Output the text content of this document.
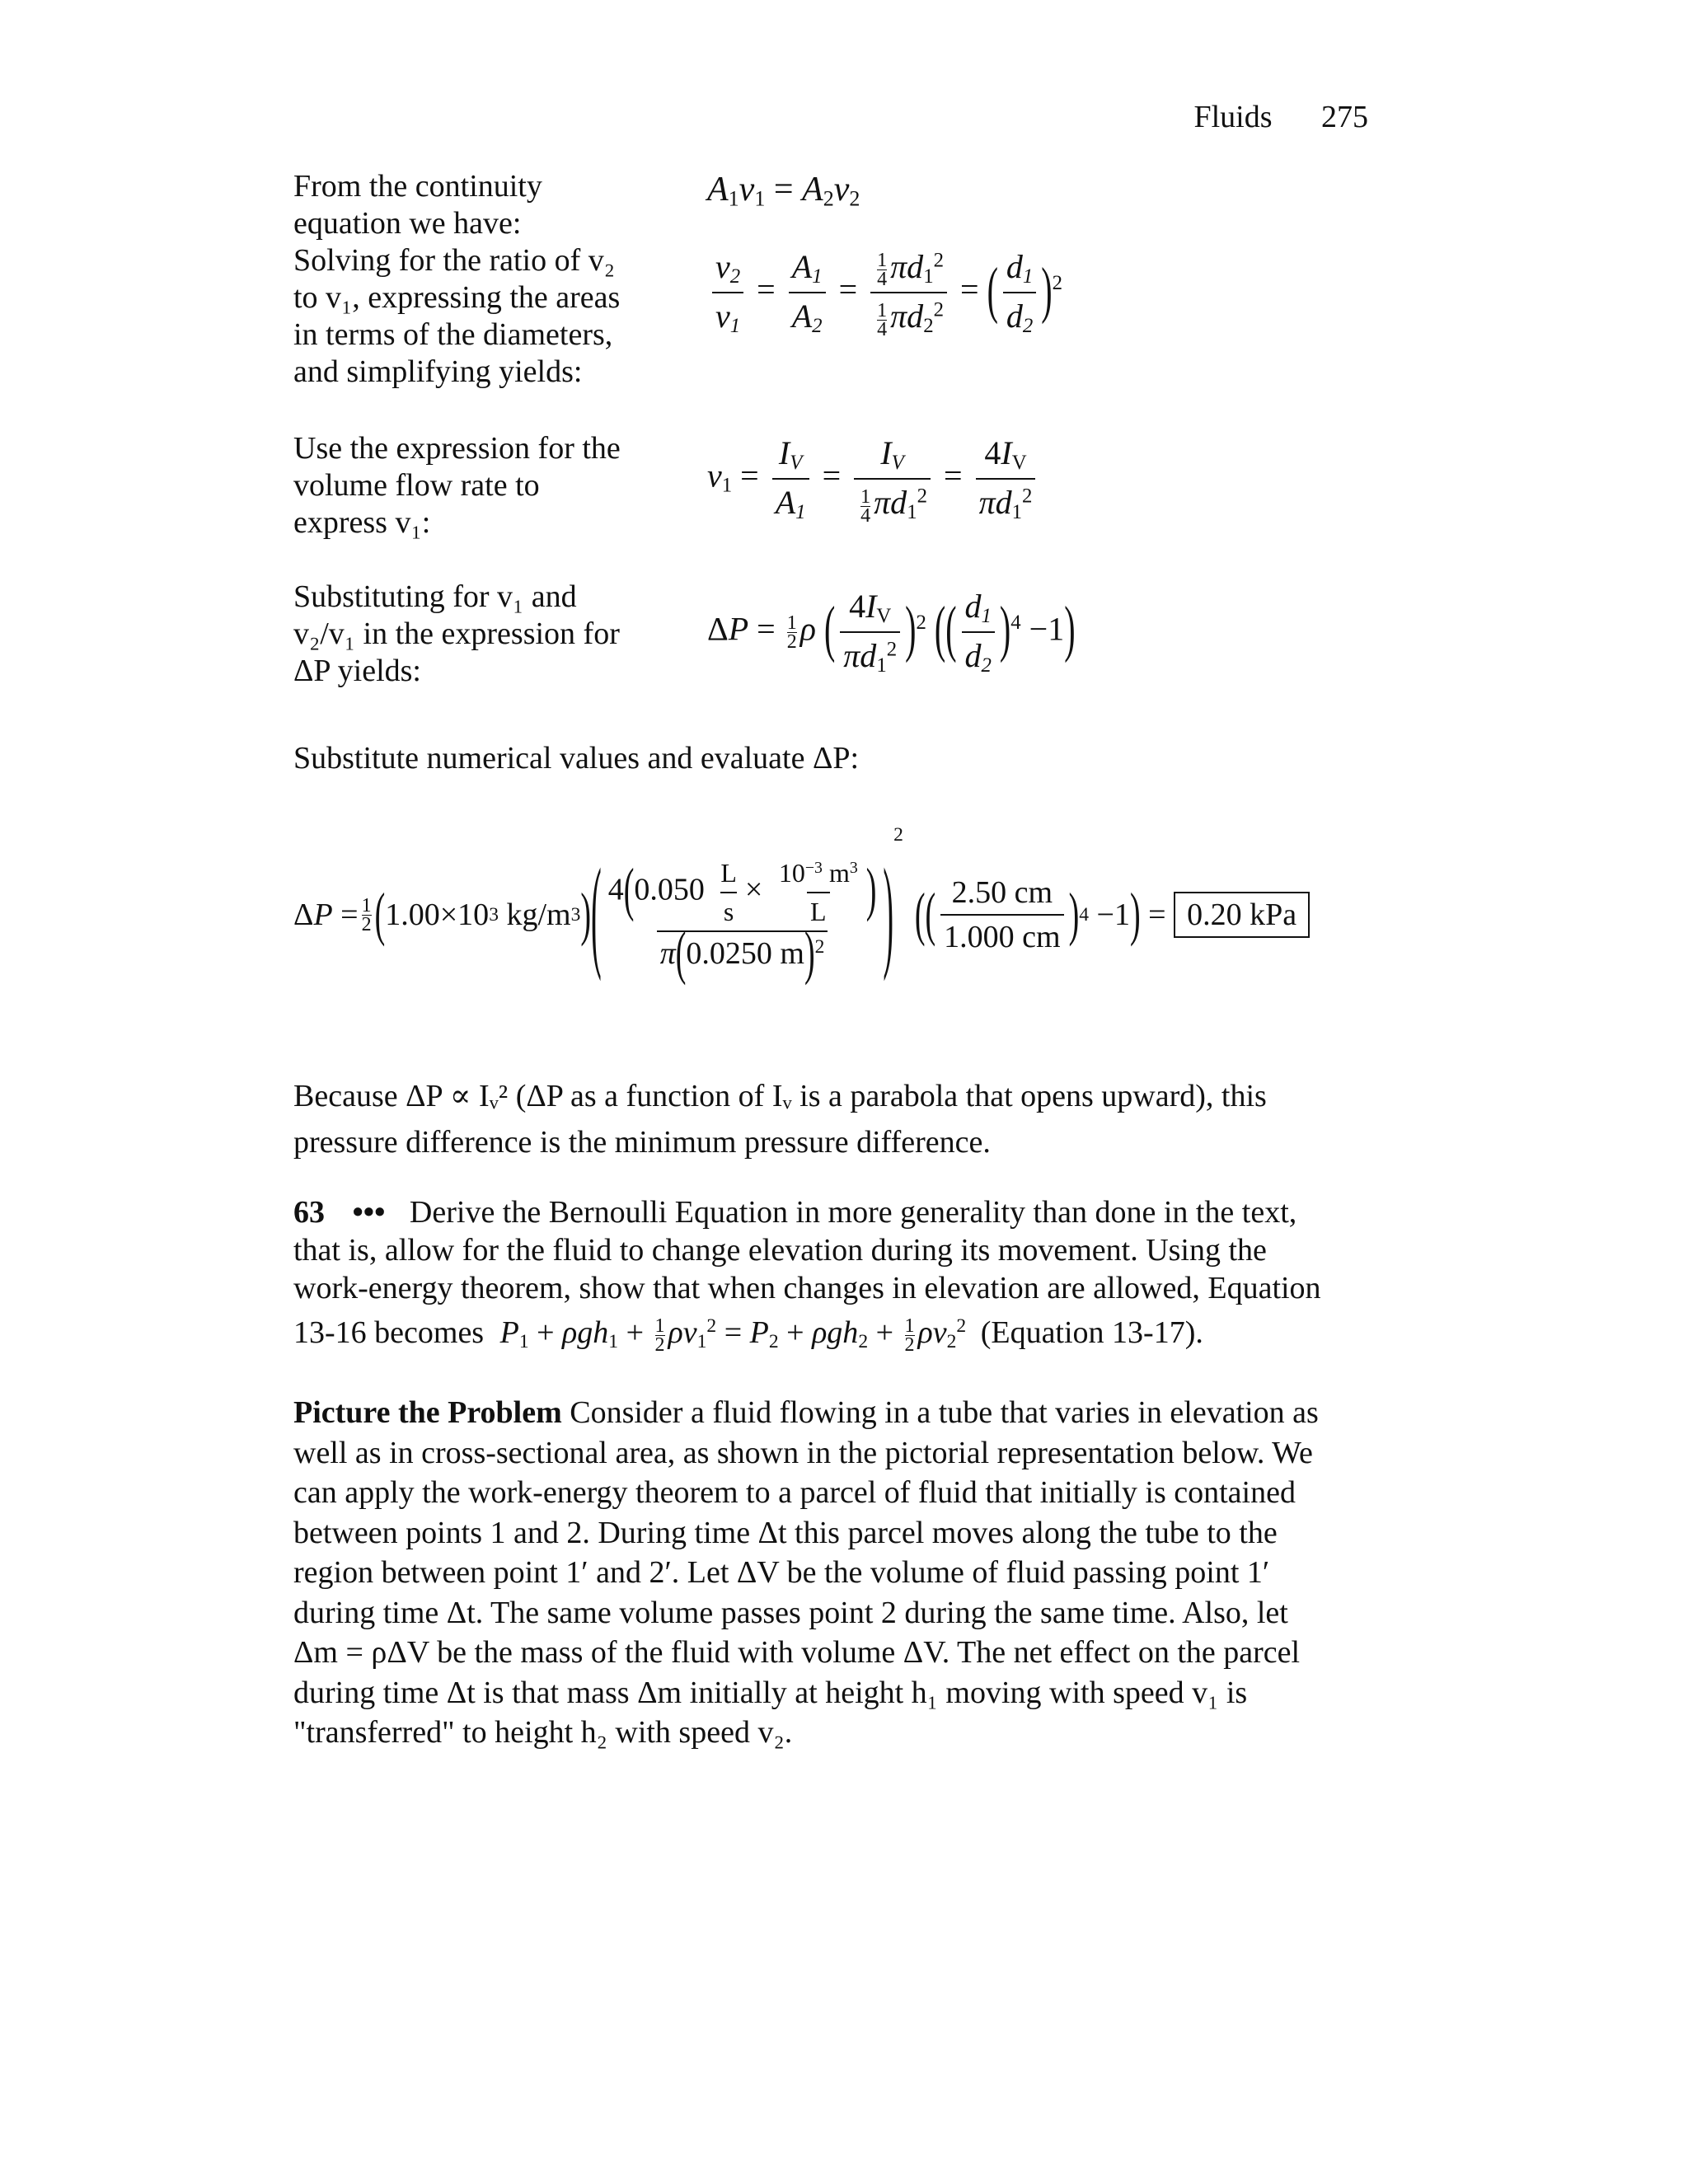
Fluids 275
From the continuity
equation we have:
$A_1v_1 = A_2v_2$
Solving for the ratio of v₂
to v₁, expressing the areas
in terms of the diameters,
and simplifying yields:
$\frac{v_2}{v_1} = \frac{A_1}{A_2} = \frac{\frac{1}{4} \pi d_1^2}{\frac{1}{4} \pi d_2^2}$ = ( $\frac{d_1}{d_2} )^2$
Use the expression for the
volume flow rate to
express v₁:
$v_1 = \frac{I_V}{A_1} = \frac{I_V}{\frac{1}{4} \pi d_1^2} = \frac{4I_V}{\pi d_1^2}$
Substituting for v₁ and
v₂/v₁ in the expression for
ΔP yields:
$\Delta P = \frac{1}{2}$ ρ ( $\frac{4I_V}{\pi d_1^2} )^2$ (( $\frac{d_1}{d_2} )^4 -1$)
Substitute numerical values and evaluate ΔP:
$\Delta P = \frac{1}{2}$ ( 1.00×10 3
kg/m 3 ) ( $\frac{4(0.050 \frac{L}{s} \times \frac{10^{-3} m^3}{L} )}{\pi(0.0250 m)^2}$ )
2
( ( $\frac{2.50 cm}{1.000 cm}$ ) 4 −1 ) = 0.20 kPa
Because ΔP ∝ Iᵥ² (ΔP as a function of Iᵥ is a parabola that opens upward), this
pressure difference is the minimum pressure difference.
63 ••• Derive the Bernoulli Equation in more generality than done in the text,
that is, allow for the fluid to change elevation during its movement. Using the
work-energy theorem, show that when changes in elevation are allowed, Equation
13-16 becomes $P_1 + \rho gh_1 + \frac{1}{2} \rho v_1^2 = P_2 + \rho gh_2 + \frac{1}{2} \rho v_2^2$ (Equation 13-17).
Picture the Problem Consider a fluid flowing in a tube that varies in elevation as
well as in cross-sectional area, as shown in the pictorial representation below. We
can apply the work-energy theorem to a parcel of fluid that initially is contained
between points 1 and 2. During time Δt this parcel moves along the tube to the
region between point 1′ and 2′. Let ΔV be the volume of fluid passing point 1′
during time Δt. The same volume passes point 2 during the same time. Also, let
Δm = ρΔV be the mass of the fluid with volume ΔV. The net effect on the parcel
during time Δt is that mass Δm initially at height h₁ moving with speed v₁ is
"transferred" to height h₂ with speed v₂.
